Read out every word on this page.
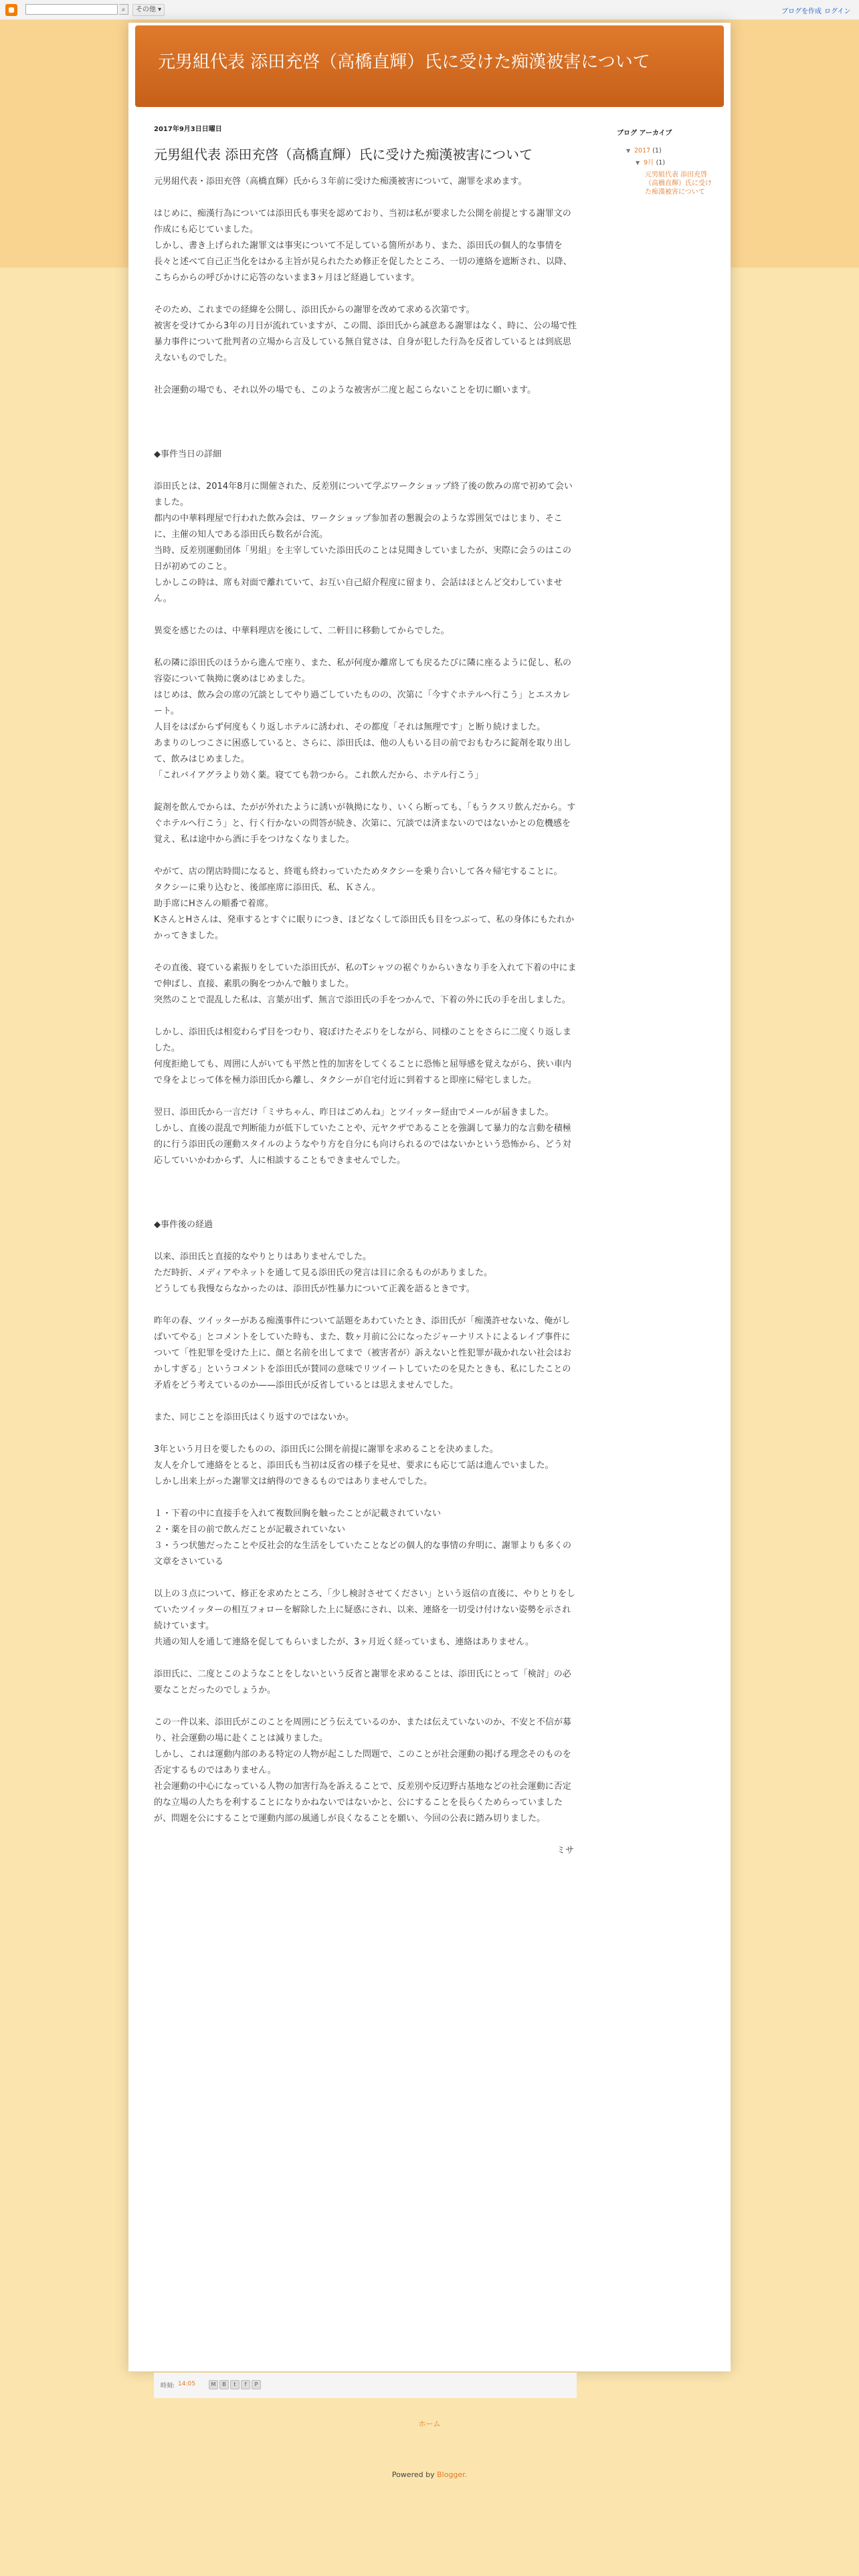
⌕	その他 ▾	ブログを作成 ログイン
元男組代表 添田充啓（高橋直輝）氏に受けた痴漢被害について
2017年9月3日日曜日
元男組代表 添田充啓（高橋直輝）氏に受けた痴漢被害について

元男組代表・添田充啓（高橋直輝）氏から３年前に受けた痴漢被害について、謝罪を求めます。

はじめに、痴漢行為については添田氏も事実を認めており、当初は私が要求した公開を前提とする謝罪文の作成にも応じていました。
しかし、書き上げられた謝罪文は事実について不足している箇所があり、また、添田氏の個人的な事情を長々と述べて自己正当化をはかる主旨が見られたため修正を促したところ、一切の連絡を遮断され、以降、こちらからの呼びかけに応答のないまま3ヶ月ほど経過しています。

そのため、これまでの経緯を公開し、添田氏からの謝罪を改めて求める次第です。
被害を受けてから3年の月日が流れていますが、この間、添田氏から誠意ある謝罪はなく、時に、公の場で性暴力事件について批判者の立場から言及している無自覚さは、自身が犯した行為を反省しているとは到底思えないものでした。

社会運動の場でも、それ以外の場でも、このような被害が二度と起こらないことを切に願います。

◆事件当日の詳細

添田氏とは、2014年8月に開催された、反差別について学ぶワークショップ終了後の飲みの席で初めて会いました。
都内の中華料理屋で行われた飲み会は、ワークショップ参加者の懇親会のような雰囲気ではじまり、そこに、主催の知人である添田氏ら数名が合流。
当時、反差別運動団体「男組」を主宰していた添田氏のことは見聞きしていましたが、実際に会うのはこの日が初めてのこと。
しかしこの時は、席も対面で離れていて、お互い自己紹介程度に留まり、会話はほとんど交わしていません。

異変を感じたのは、中華料理店を後にして、二軒目に移動してからでした。

私の隣に添田氏のほうから進んで座り、また、私が何度か離席しても戻るたびに隣に座るように促し、私の容姿について執拗に褒めはじめました。
はじめは、飲み会の席の冗談としてやり過ごしていたものの、次第に「今すぐホテルへ行こう」とエスカレート。
人目をはばからず何度もくり返しホテルに誘われ、その都度「それは無理です」と断り続けました。
あまりのしつこさに困惑していると、さらに、添田氏は、他の人もいる目の前でおもむろに錠剤を取り出して、飲みはじめました。
「これバイアグラより効く薬。寝てても勃つから。これ飲んだから、ホテル行こう」

錠剤を飲んでからは、たがが外れたように誘いが執拗になり、いくら断っても、「もうクスリ飲んだから。すぐホテルへ行こう」と、行く行かないの問答が続き、次第に、冗談では済まないのではないかとの危機感を覚え、私は途中から酒に手をつけなくなりました。

やがて、店の閉店時間になると、終電も終わっていたためタクシーを乗り合いして各々帰宅することに。
タクシーに乗り込むと、後部座席に添田氏、私、Ｋさん。
助手席にHさんの順番で着席。
KさんとHさんは、発車するとすぐに眠りにつき、ほどなくして添田氏も目をつぶって、私の身体にもたれかかってきました。

その直後、寝ている素振りをしていた添田氏が、私のTシャツの裾ぐりからいきなり手を入れて下着の中にまで伸ばし、直接、素肌の胸をつかんで触りました。
突然のことで混乱した私は、言葉が出ず、無言で添田氏の手をつかんで、下着の外に氏の手を出しました。

しかし、添田氏は相変わらず目をつむり、寝ぼけたそぶりをしながら、同様のことをさらに二度くり返しました。
何度拒絶しても、周囲に人がいても平然と性的加害をしてくることに恐怖と屈辱感を覚えながら、狭い車内で身をよじって体を極力添田氏から離し、タクシーが自宅付近に到着すると即座に帰宅しました。

翌日、添田氏から一言だけ「ミサちゃん、昨日はごめんね」とツイッター経由でメールが届きました。
しかし、直後の混乱で判断能力が低下していたことや、元ヤクザであることを強調して暴力的な言動を積極的に行う添田氏の運動スタイルのようなやり方を自分にも向けられるのではないかという恐怖から、どう対応していいかわからず、人に相談することもできませんでした。

◆事件後の経過

以来、添田氏と直接的なやりとりはありませんでした。
ただ時折、メディアやネットを通して見る添田氏の発言は目に余るものがありました。
どうしても我慢ならなかったのは、添田氏が性暴力について正義を語るときです。

昨年の春、ツイッターがある痴漢事件について話題をあわていたとき、添田氏が「痴漢許せないな、俺がしばいてやる」とコメントをしていた時も、また、数ヶ月前に公になったジャーナリストによるレイプ事件について「性犯罪を受けた上に、顔と名前を出してまで（被害者が）訴えないと性犯罪が裁かれない社会はおかしすぎる」というコメントを添田氏が賛同の意味でリツイートしていたのを見たときも、私にしたことの矛盾をどう考えているのか——添田氏が反省しているとは思えませんでした。

また、同じことを添田氏はくり返すのではないか。

3年という月日を要したものの、添田氏に公開を前提に謝罪を求めることを決めました。
友人を介して連絡をとると、添田氏も当初は反省の様子を見せ、要求にも応じて話は進んでいました。
しかし出来上がった謝罪文は納得のできるものではありませんでした。

１・下着の中に直接手を入れて複数回胸を触ったことが記載されていない
２・薬を目の前で飲んだことが記載されていない
３・うつ状態だったことや反社会的な生活をしていたことなどの個人的な事情の弁明に、謝罪よりも多くの文章をさいている

以上の３点について、修正を求めたところ、「少し検討させてください」という返信の直後に、やりとりをしていたツイッターの相互フォローを解除した上に疑惑にされ、以来、連絡を一切受け付けない姿勢を示され続けています。
共通の知人を通して連絡を促してもらいましたが、3ヶ月近く経っていまも、連絡はありません。

添田氏に、二度とこのようなことをしないという反省と謝罪を求めることは、添田氏にとって「検討」の必要なことだったのでしょうか。

この一件以来、添田氏がこのことを周囲にどう伝えているのか、または伝えていないのか、不安と不信が募り、社会運動の場に赴くことは減りました。
しかし、これは運動内部のある特定の人物が起こした問題で、このことが社会運動の掲げる理念そのものを否定するものではありません。
社会運動の中心になっている人物の加害行為を訴えることで、反差別や反辺野古基地などの社会運動に否定的な立場の人たちを利することになりかねないではないかと、公にすることを長らくためらっていましたが、問題を公にすることで運動内部の風通しが良くなることを願い、今回の公表に踏み切りました。

ミサ

時刻: 14:05	M	B	t	f	P
ホーム
Powered by Blogger.
ブログ アーカイブ
▼ 2017 (1)
▼ 9月 (1)
元男組代表 添田充啓（高橋直輝）氏に受けた痴漢被害について
